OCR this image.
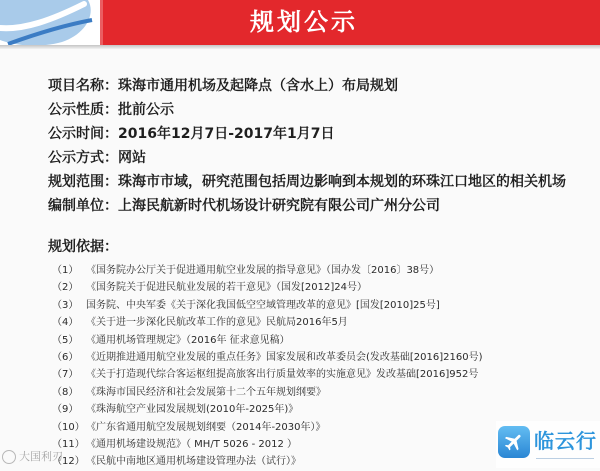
规划公示
项目名称：珠海市通用机场及起降点（含水上）布局规划
公示性质：批前公示
公示时间：2016年12月7日-2017年1月7日
公示方式：网站
规划范围：珠海市市域，研究范围包括周边影响到本规划的环珠江口地区的相关机场
编制单位：上海民航新时代机场设计研究院有限公司广州分公司
规划依据：
（1） 《国务院办公厅关于促进通用航空业发展的指导意见》（国办发〔2016〕38号）
（2） 《国务院关于促进民航业发展的若干意见》（国发[2012]24号）
（3） 国务院、中央军委《关于深化我国低空空域管理改革的意见》[国发[2010]25号]
（4） 《关于进一步深化民航改革工作的意见》民航局2016年5月
（5） 《通用机场管理规定》（2016年 征求意见稿）
（6） 《近期推进通用航空业发展的重点任务》国家发展和改革委员会(发改基础[2016]2160号)
（7） 《关于打造现代综合客运枢纽提高旅客出行质量效率的实施意见》发改基础[2016]952号
（8） 《珠海市国民经济和社会发展第十二个五年规划纲要》
（9） 《珠海航空产业园发展规划(2010年-2025年)》
（10）《广东省通用航空发展规划纲要（2014年-2030年）》
（11）《通用机场建设规范》（ MH/T 5026 - 2012 ）
（12）《民航中南地区通用机场建设管理办法（试行）》
大国利刃
临云行
